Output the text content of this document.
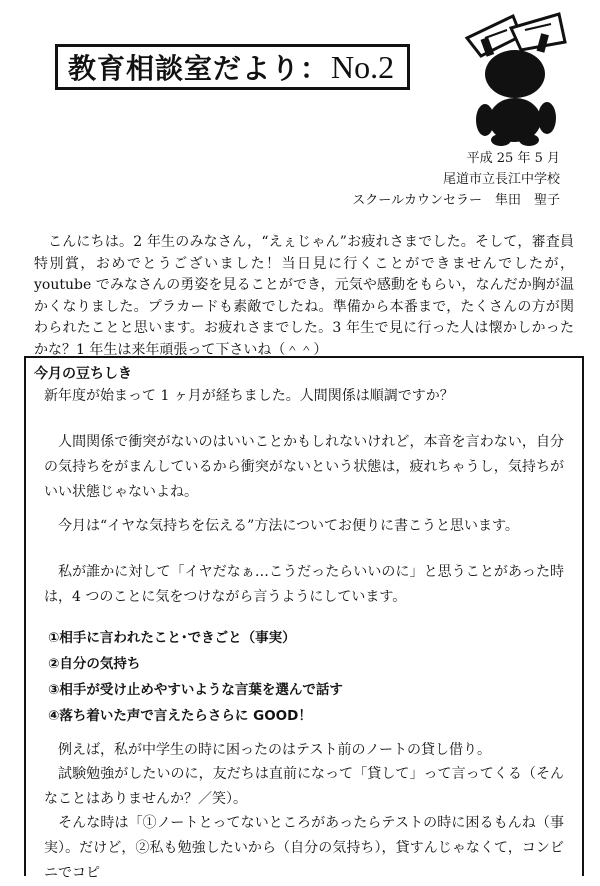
教育相談室だより： No.2
平成 25 年 5 月
尾道市立長江中学校
スクールカウンセラー　隼田　聖子

こんにちは。2 年生のみなさん，“えぇじゃん”お疲れさまでした。そして，審査員特別賞，おめでとうございました！当日見に行くことができませんでしたが，youtube でみなさんの勇姿を見ることができ，元気や感動をもらい，なんだか胸が温かくなりました。プラカードも素敵でしたね。準備から本番まで，たくさんの方が関わられたことと思います。お疲れさまでした。3 年生で見に行った人は懐かしかったかな？1 年生は来年頑張って下さいね（＾＾）

今月の豆ちしき

新年度が始まって 1 ヶ月が経ちました。人間関係は順調ですか？

　人間関係で衝突がないのはいいことかもしれないけれど，本音を言わない，自分の気持ちをがまんしているから衝突がないという状態は，疲れちゃうし，気持ちがいい状態じゃないよね。

　今月は“イヤな気持ちを伝える”方法についてお便りに書こうと思います。

　私が誰かに対して「イヤだなぁ…こうだったらいいのに」と思うことがあった時は，4 つのことに気をつけながら言うようにしています。

①相手に言われたこと･できごと（事実）
②自分の気持ち
③相手が受け止めやすいような言葉を選んで話す
④落ち着いた声で言えたらさらに GOOD！

　例えば，私が中学生の時に困ったのはテスト前のノートの貸し借り。

　試験勉強がしたいのに，友だちは直前になって「貸して」って言ってくる（そんなことはありませんか？／笑）。

　そんな時は「①ノートとってないところがあったらテストの時に困るもんね（事実）。だけど，②私も勉強したいから（自分の気持ち），貸すんじゃなくて，コンビニでコピ
